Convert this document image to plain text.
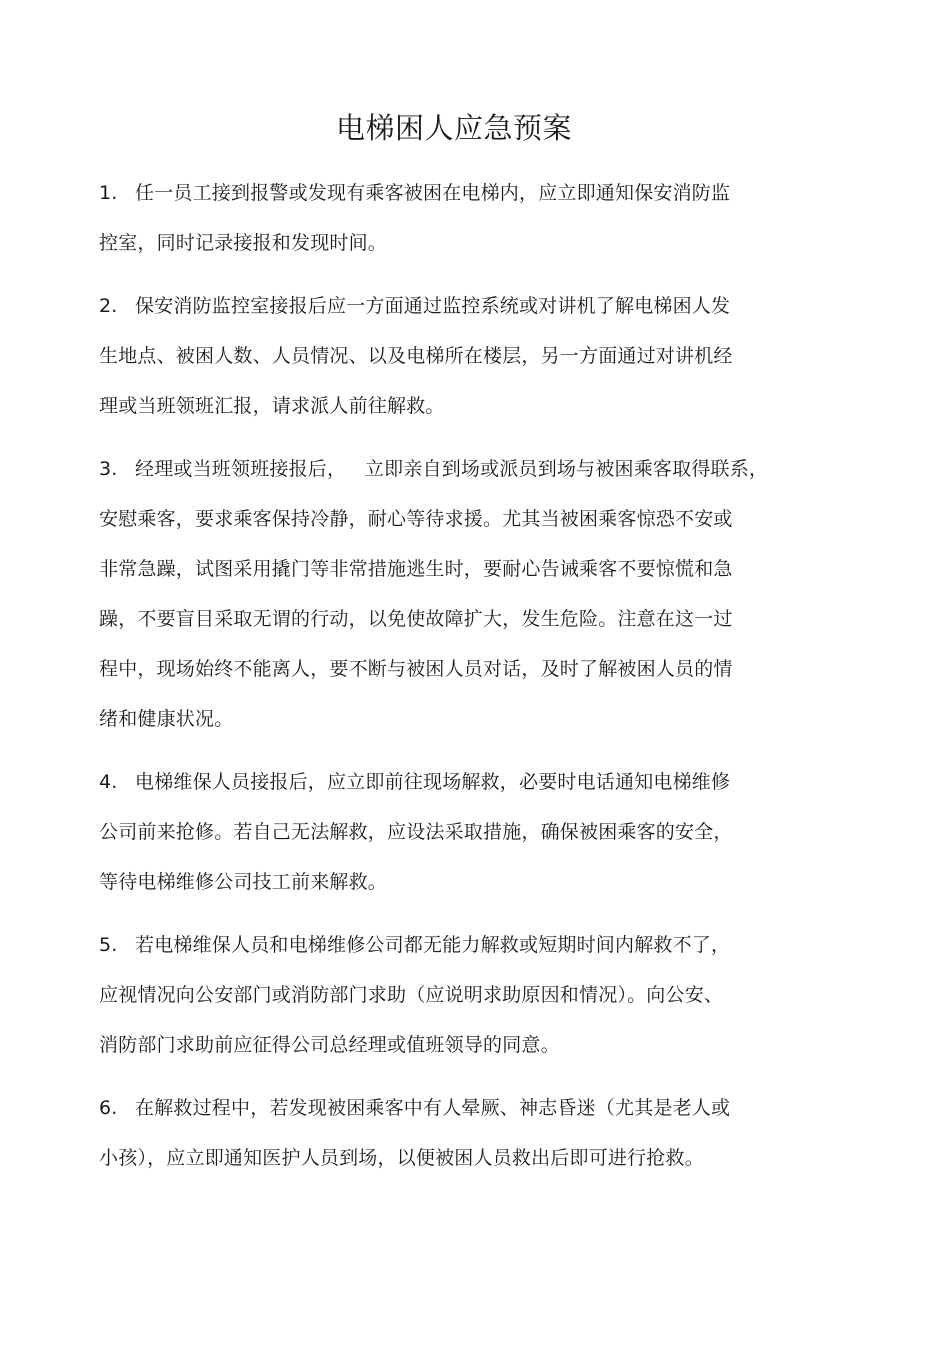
电梯困人应急预案
1. 任一员工接到报警或发现有乘客被困在电梯内，应立即通知保安消防监
控室，同时记录接报和发现时间。
2. 保安消防监控室接报后应一方面通过监控系统或对讲机了解电梯困人发
生地点、被困人数、人员情况、以及电梯所在楼层，另一方面通过对讲机经
理或当班领班汇报，请求派人前往解救。
3. 经理或当班领班接报后，   立即亲自到场或派员到场与被困乘客取得联系，
安慰乘客，要求乘客保持冷静，耐心等待求援。尤其当被困乘客惊恐不安或
非常急躁，试图采用撬门等非常措施逃生时，要耐心告诫乘客不要惊慌和急
躁，不要盲目采取无谓的行动，以免使故障扩大，发生危险。注意在这一过
程中，现场始终不能离人，要不断与被困人员对话，及时了解被困人员的情
绪和健康状况。
4. 电梯维保人员接报后，应立即前往现场解救，必要时电话通知电梯维修
公司前来抢修。若自己无法解救，应设法采取措施，确保被困乘客的安全，
等待电梯维修公司技工前来解救。
5. 若电梯维保人员和电梯维修公司都无能力解救或短期时间内解救不了，
应视情况向公安部门或消防部门求助（应说明求助原因和情况）。向公安、
消防部门求助前应征得公司总经理或值班领导的同意。
6. 在解救过程中，若发现被困乘客中有人晕厥、神志昏迷（尤其是老人或
小孩），应立即通知医护人员到场，以便被困人员救出后即可进行抢救。
